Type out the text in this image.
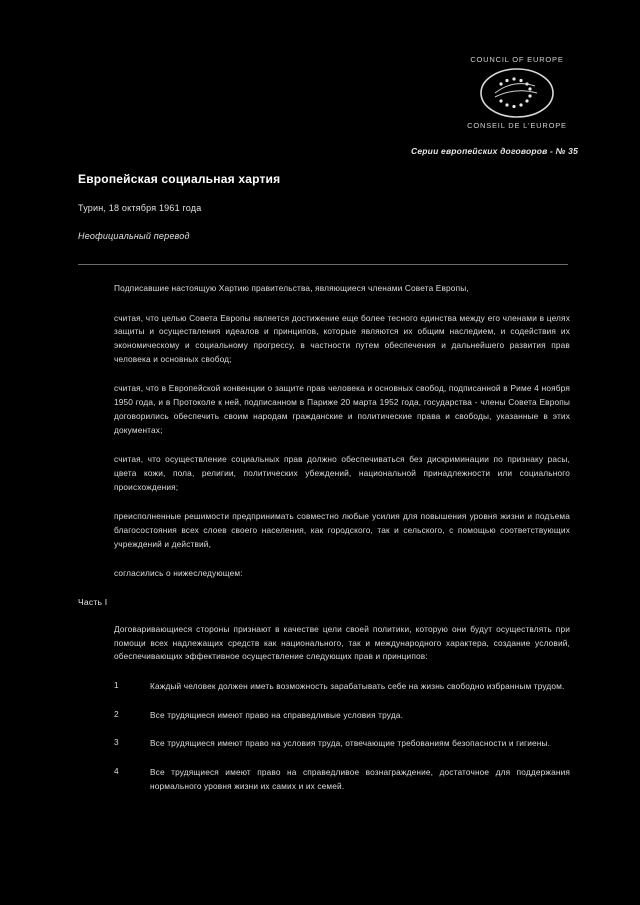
COUNCIL OF EUROPE
CONSEIL DE L'EUROPE
Серии европейских договоров - № 35
Европейская социальная хартия
Турин, 18 октября 1961 года
Неофициальный перевод

Подписавшие настоящую Хартию правительства, являющиеся членами Совета Европы,

считая, что целью Совета Европы является достижение еще более тесного единства между его членами в целях защиты и осуществления идеалов и принципов, которые являются их общим наследием, и содействия их экономическому и социальному прогрессу, в частности путем обеспечения и дальнейшего развития прав человека и основных свобод;

считая, что в Европейской конвенции о защите прав человека и основных свобод, подписанной в Риме 4 ноября 1950 года, и в Протоколе к ней, подписанном в Париже 20 марта 1952 года, государства - члены Совета Европы договорились обеспечить своим народам гражданские и политические права и свободы, указанные в этих документах;

считая, что осуществление социальных прав должно обеспечиваться без дискриминации по признаку расы, цвета кожи, пола, религии, политических убеждений, национальной принадлежности или социального происхождения;

преисполненные решимости предпринимать совместно любые усилия для повышения уровня жизни и подъема благосостояния всех слоев своего населения, как городского, так и сельского, с помощью соответствующих учреждений и действий,

согласились о нижеследующем:

Часть I

Договаривающиеся стороны признают в качестве цели своей политики, которую они будут осуществлять при помощи всех надлежащих средств как национального, так и международного характера, создание условий, обеспечивающих эффективное осуществление следующих прав и принципов:

1	Каждый человек должен иметь возможность зарабатывать себе на жизнь свободно избранным трудом.
2	Все трудящиеся имеют право на справедливые условия труда.
3	Все трудящиеся имеют право на условия труда, отвечающие требованиям безопасности и гигиены.
4	Все трудящиеся имеют право на справедливое вознаграждение, достаточное для поддержания нормального уровня жизни их самих и их семей.
